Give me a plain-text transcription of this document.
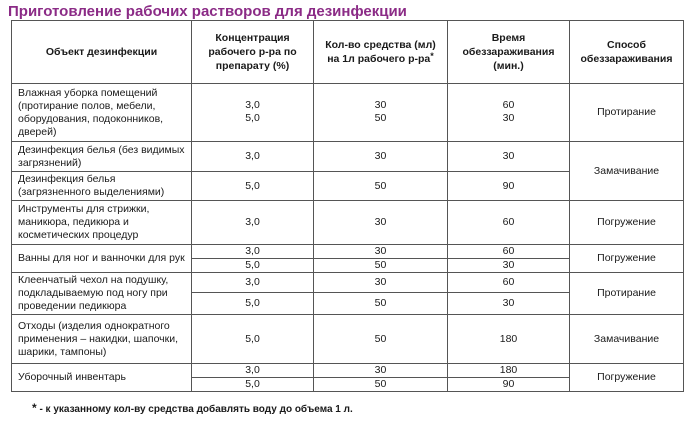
Приготовление рабочих растворов для дезинфекции
Объект дезинфекции	Концентрация рабочего р-ра по препарату (%)	Кол-во средства (мл) на 1л рабочего р-ра*	Время обеззараживания (мин.)	Способ обеззараживания
Влажная уборка помещений (протирание полов, мебели, оборудования, подоконников, дверей)	3,0	30	60	Протирание
	5,0	50	30	
Дезинфекция белья (без видимых загрязнений)	3,0	30	30	Замачивание
Дезинфекция белья (загрязненного выделениями)	5,0	50	90	
Инструменты для стрижки, маникюра, педикюра и косметических процедур	3,0	30	60	Погружение
Ванны для ног и ванночки для рук	3,0	30	60	Погружение
	5,0	50	30	
Клеенчатый чехол на подушку, подкладываемую под ногу при проведении педикюра	3,0	30	60	Протирание
	5,0	50	30	
Отходы (изделия однократного применения – накидки, шапочки, шарики, тампоны)	5,0	50	180	Замачивание
Уборочный инвентарь	3,0	30	180	Погружение
	5,0	50	90	
* - к указанному кол-ву средства добавлять воду до объема 1 л.
